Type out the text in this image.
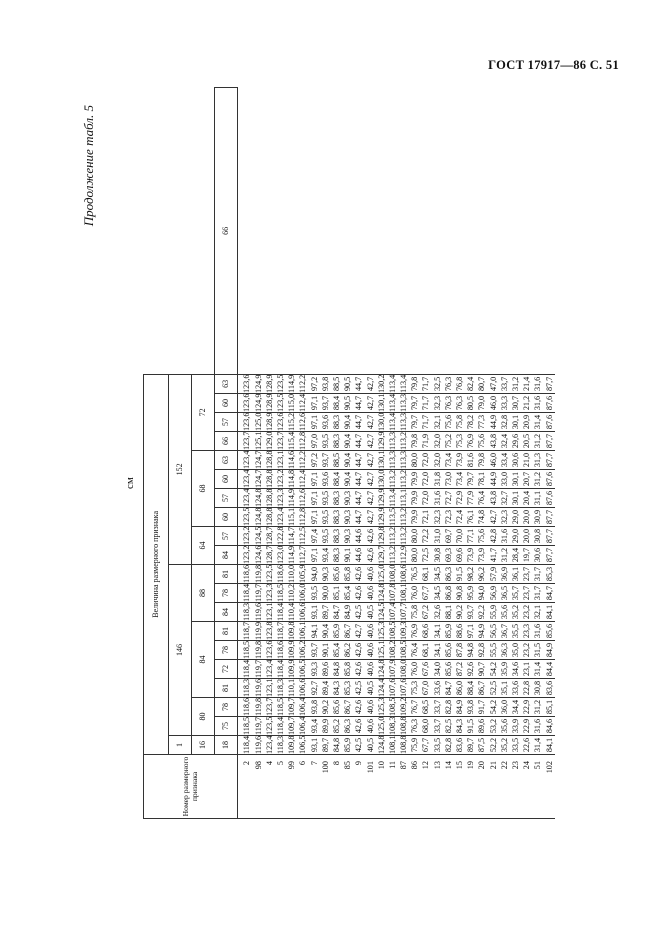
ГОСТ 17917—86 С. 51
Продолжение табл. 5
см
Номер размерного признака	Величина размерного признака																				
	1	146									152										
	16	80		84				88			64		68				72				
	18	75	78	81	72	78	81	84	78	81	84	57	60	57	60	63	66	57	60	63	66
2	118,4	118,5	118,6	118,3	118,4	118,5	118,7	118,3	118,4	118,6	123,2	123,2	123,5	123,4	123,4	123,4	123,7	123,6	123,6	123,6	
98	119,6	119,7	119,8	119,6	119,7	119,8	119,9	119,6	119,7	119,8	124,6	124,5	124,8	124,8	124,7	124,7	125,1	125,0	124,9	124,9	
4	123,4	123,5	123,7	123,1	123,4	123,6	123,8	123,1	123,3	123,5	128,7	128,7	128,8	128,8	128,8	128,8	129,0	128,9	128,9	128,9	
5	118,3	118,4	118,5	118,3	118,4	118,6	118,7	118,4	118,5	118,6	123,0	122,8	123,4	123,3	123,2	123,1	123,7	123,6	123,5	123,5	
99	109,8	109,7	109,7	110,1	109,9	109,9	109,8	110,4	110,2	110,0	114,9	114,7	115,1	114,9	114,8	114,6	115,4	115,2	115,0	114,9	
6	106,5	106,4	106,4	106,6	106,5	106,2	106,1	106,6	106,0	105,9	112,7	112,5	112,8	112,6	112,4	112,2	112,8	112,6	112,4	112,2	
7	93,1	93,4	93,8	92,7	93,3	93,7	94,1	93,1	93,5	94,0	97,1	97,4	97,1	97,1	97,1	97,2	97,0	97,1	97,1	97,2	
100	89,7	89,9	90,2	89,4	89,6	90,1	90,4	89,7	90,0	90,3	93,4	93,5	93,5	93,5	93,6	93,7	93,5	93,6	93,7	93,8	
8	84,8	85,2	85,6	84,3	84,8	85,4	85,9	84,7	85,1	85,6	88,3	88,3	88,3	88,3	88,4	88,5	88,3	88,3	88,4	88,5	
85	85,9	86,3	86,7	85,3	85,8	86,2	86,7	84,9	85,4	85,8	90,1	90,3	90,3	90,3	90,4	90,4	90,4	90,4	90,5	90,5	
9	42,5	42,6	42,6	42,5	42,6	42,6	42,7	42,5	42,6	42,6	44,6	44,6	44,7	44,7	44,7	44,7	44,7	44,7	44,7	44,7	
101	40,5	40,6	40,6	40,5	40,6	40,6	40,6	40,5	40,6	40,6	42,6	42,6	42,7	42,7	42,7	42,7	42,7	42,7	42,7	42,7	
10	124,8	125,0	125,3	124,4	124,8	125,1	125,3	124,5	124,8	125,0	129,7	129,8	129,9	129,9	130,0	130,1	129,9	130,0	130,1	130,2	
11	108,1	108,3	108,5	107,6	107,9	108,2	108,5	107,4	107,8	108,0	113,2	113,2	113,5	113,4	113,2	113,3	113,3	113,4	113,4	113,4	
87	108,8	108,8	109,2	107,6	108,0	108,5	109,3	107,7	108,1	108,6	112,9	113,2	113,2	113,1	113,2	113,3	113,2	113,3	113,3	113,4	
86	75,9	76,3	76,7	75,3	76,0	76,4	76,9	75,8	76,0	76,5	80,0	80,0	79,9	79,9	79,9	80,0	79,8	79,7	79,7	79,8	
12	67,7	68,0	68,5	67,0	67,6	68,1	68,6	67,2	67,7	68,1	72,5	72,2	72,1	72,0	72,0	72,0	71,9	71,7	71,7	71,7	
13	33,5	33,7	33,7	33,6	34,0	34,1	34,1	32,6	34,5	34,5	30,8	31,0	32,3	31,6	31,8	32,0	32,0	32,1	32,3	32,5	
14	82,8	82,5	82,8	84,7	85,6	85,6	85,9	88,1	86,8	86,3	69,3	69,7	72,3	72,7	73,0	73,4	75,2	75,6	76,3	76,3	
15	83,6	84,3	84,9	86,0	87,2	87,8	88,6	90,2	90,8	91,5	69,6	70,0	72,4	72,9	73,4	73,9	75,3	75,8	76,3	76,8	
19	89,7	91,5	93,8	88,4	92,6	94,8	97,1	93,7	95,9	98,2	73,9	77,1	76,1	77,9	79,7	81,6	76,9	78,2	80,5	82,4	
20	87,5	89,6	91,7	86,7	90,7	92,8	94,9	92,2	94,0	96,2	73,9	75,6	74,8	76,4	78,1	79,8	75,6	77,3	79,0	80,7	
21	52,2	53,2	54,2	52,5	54,2	55,5	56,5	55,9	56,9	57,9	41,7	42,8	42,7	43,8	44,9	46,0	43,8	44,9	46,0	47,0	
22	35,2	35,6	36,0	35,1	35,9	36,3	36,7	35,6	36,5	36,9	31,2	31,6	32,3	32,7	33,0	33,4	32,4	32,8	33,3	33,7	
23	33,5	33,9	34,4	33,6	34,6	35,0	35,5	35,2	35,7	36,1	28,4	29,0	29,0	30,1	30,1	30,6	29,6	30,1	30,7	31,2	
24	22,6	22,9	22,9	22,8	23,1	23,2	23,3	23,2	23,7	23,7	19,7	20,0	20,0	20,4	20,7	21,0	20,5	20,9	21,2	21,4	
51	31,4	31,6	31,2	30,8	31,4	31,5	31,6	32,1	31,7	31,7	30,6	30,8	30,9	31,1	31,2	31,3	31,2	31,4	31,6	31,6	
102	84,1	84,6	85,1	83,6	84,4	84,9	85,6	84,1	84,7	85,3	87,7	87,7	87,7	87,6	87,6	87,7	87,7	87,6	87,6	87,7	
